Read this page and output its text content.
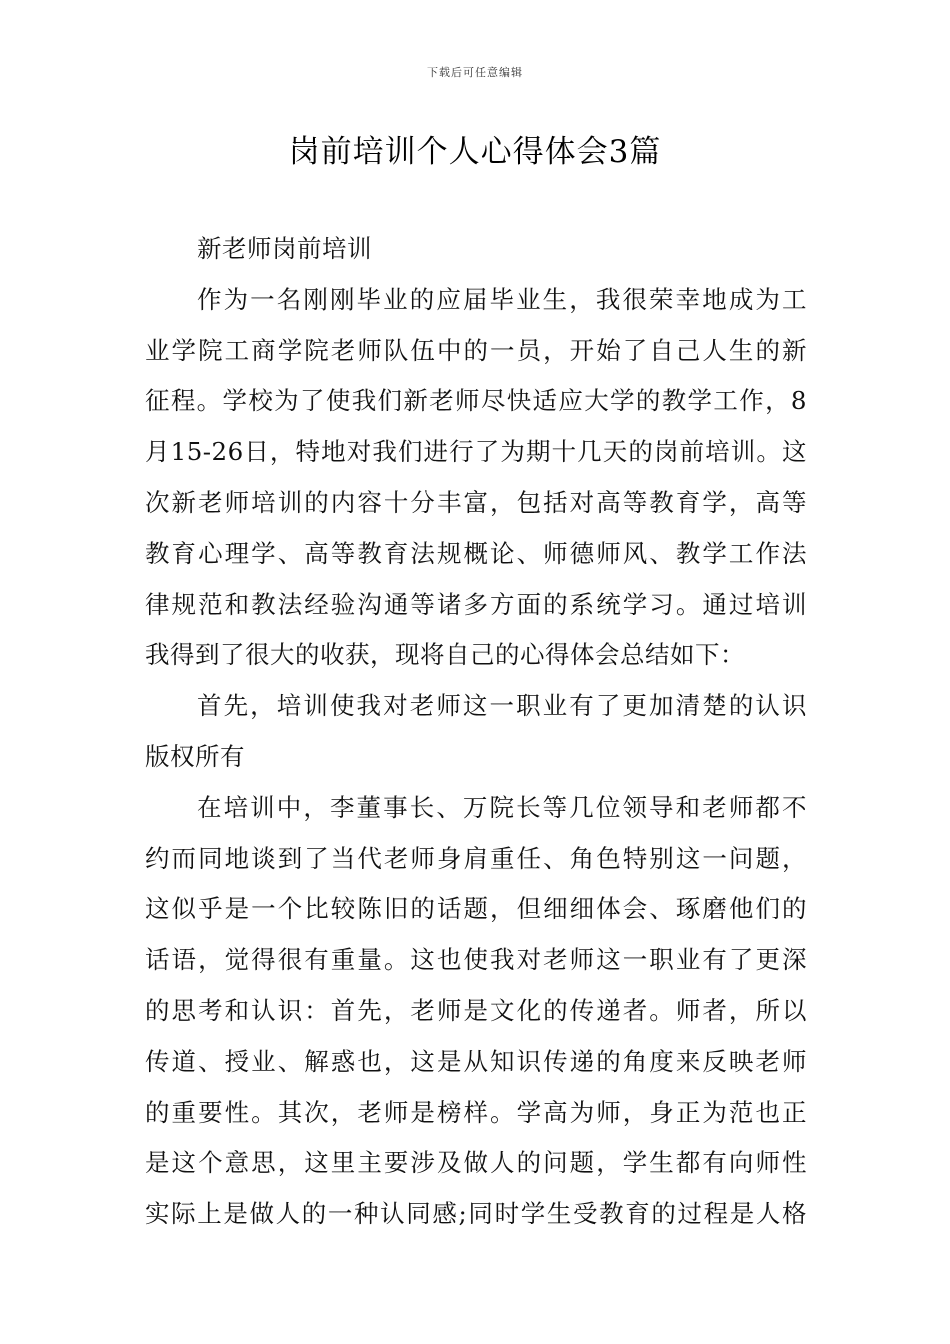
下载后可任意编辑
岗前培训个人心得体会3篇
新老师岗前培训
作为一名刚刚毕业的应届毕业生，我很荣幸地成为工
业学院工商学院老师队伍中的一员，开始了自己人生的新
征程。学校为了使我们新老师尽快适应大学的教学工作，8
月15-26日，特地对我们进行了为期十几天的岗前培训。这
次新老师培训的内容十分丰富，包括对高等教育学，高等
教育心理学、高等教育法规概论、师德师风、教学工作法
律规范和教法经验沟通等诸多方面的系统学习。通过培训
我得到了很大的收获，现将自己的心得体会总结如下：
首先，培训使我对老师这一职业有了更加清楚的认识
版权所有
在培训中，李董事长、万院长等几位领导和老师都不
约而同地谈到了当代老师身肩重任、角色特别这一问题，
这似乎是一个比较陈旧的话题，但细细体会、琢磨他们的
话语，觉得很有重量。这也使我对老师这一职业有了更深
的思考和认识：首先，老师是文化的传递者。师者，所以
传道、授业、解惑也，这是从知识传递的角度来反映老师
的重要性。其次，老师是榜样。学高为师，身正为范也正
是这个意思，这里主要涉及做人的问题，学生都有向师性
实际上是做人的一种认同感;同时学生受教育的过程是人格
